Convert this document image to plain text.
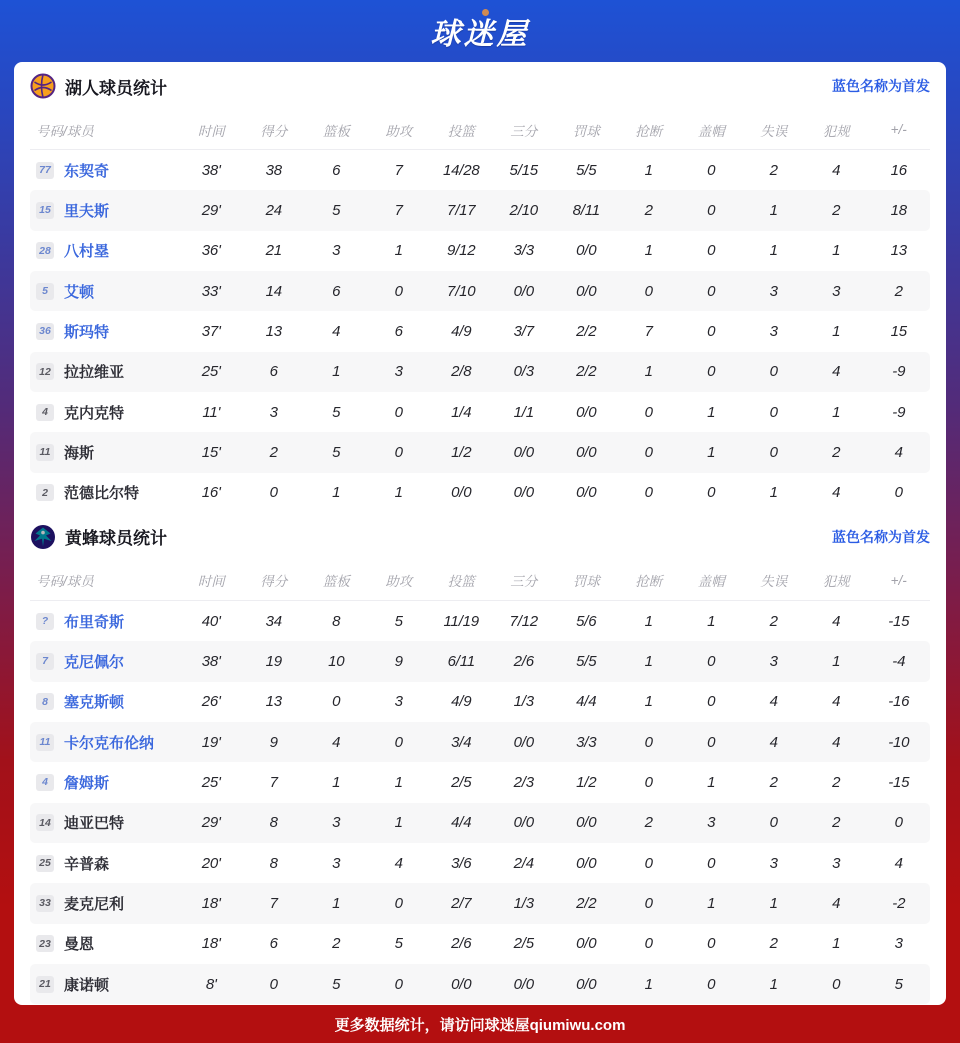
球迷屋
湖人球员统计	蓝色名称为首发
号码/球员	时间	得分	篮板	助攻	投篮	三分	罚球	抢断	盖帽	失误	犯规	+/-
77 东契奇	38'	38	6	7	14/28 5/15	5/5	1	0	2	4	16
15 里夫斯	29'	24	5	7	7/17 2/10 8/11	2	0	1	2	18
28 八村塁	36'	21	3	1	9/12	3/3	0/0	1	0	1	1	13
5	艾顿	33'	14	6	0	7/10	0/0	0/0	0	0	3	3	2
36 斯玛特	37'	13	4	6	4/9	3/7	2/2	7	0	3	1	15
12 拉拉维亚	25'	6	1	3	2/8	0/3	2/2	1	0	0	4	-9
4	克内克特	11'	3	5	0	1/4	1/1	0/0	0	1	0	1	-9
11 海斯	15'	2	5	0	1/2	0/0	0/0	0	1	0	2	4
2	范德比尔特	16'	0	1	1	0/0	0/0	0/0	0	0	1	4	0
黄蜂球员统计	蓝色名称为首发
号码/球员	时间	得分	篮板	助攻	投篮	三分	罚球	抢断	盖帽	失误	犯规	+/-
?	布里奇斯	40'	34	8	5	11/19 7/12	5/6	1	1	2	4	-15
7	克尼佩尔	38'	19	10	9	6/11	2/6	5/5	1	0	3	1	-4
8	塞克斯顿	26'	13	0	3	4/9	1/3	4/4	1	0	4	4	-16
11 卡尔克布伦纳	19'	9	4	0	3/4	0/0	3/3	0	0	4	4	-10
4	詹姆斯	25'	7	1	1	2/5	2/3	1/2	0	1	2	2	-15
14 迪亚巴特	29'	8	3	1	4/4	0/0	0/0	2	3	0	2	0
25 辛普森	20'	8	3	4	3/6	2/4	0/0	0	0	3	3	4
33 麦克尼利	18'	7	1	0	2/7	1/3	2/2	0	1	1	4	-2
23 曼恩	18'	6	2	5	2/6	2/5	0/0	0	0	2	1	3
21 康诺顿	8'	0	5	0	0/0	0/0	0/0	1	0	1	0	5
更多数据统计，请访问球迷屋qiumiwu.com
